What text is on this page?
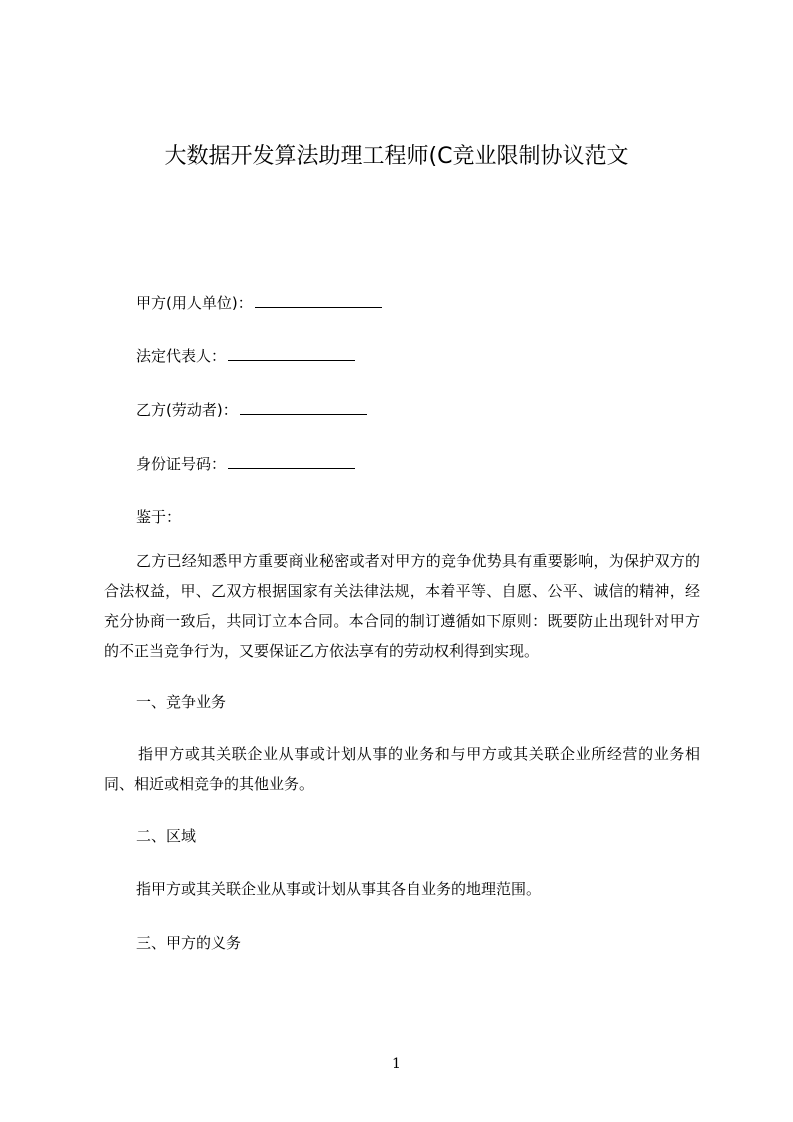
大数据开发算法助理工程师(C竞业限制协议范文
甲方(用人单位)：
法定代表人：
乙方(劳动者)：
身份证号码：
鉴于：

乙方已经知悉甲方重要商业秘密或者对甲方的竞争优势具有重要影响，为保护双方的合法权益，甲、乙双方根据国家有关法律法规，本着平等、自愿、公平、诚信的精神，经充分协商一致后，共同订立本合同。本合同的制订遵循如下原则：既要防止出现针对甲方的不正当竞争行为，又要保证乙方依法享有的劳动权利得到实现。

一、竞争业务

指甲方或其关联企业从事或计划从事的业务和与甲方或其关联企业所经营的业务相同、相近或相竞争的其他业务。

二、区域
指甲方或其关联企业从事或计划从事其各自业务的地理范围。
三、甲方的义务
1
